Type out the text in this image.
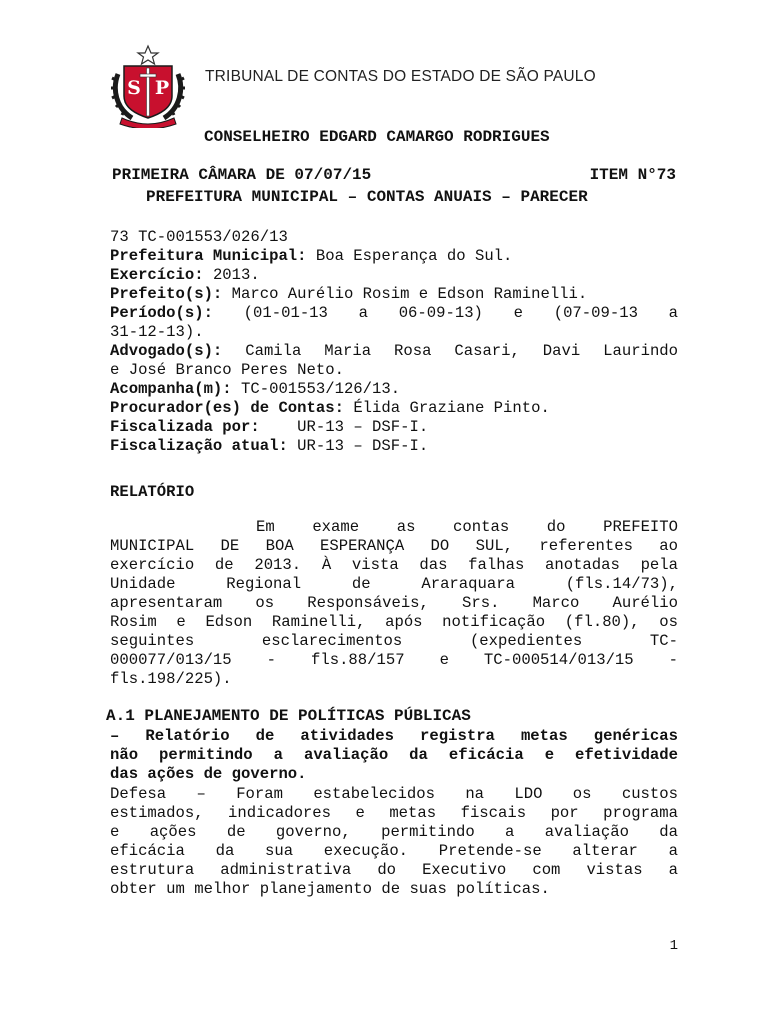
S P
TRIBUNAL DE CONTAS DO ESTADO DE SÃO PAULO
CONSELHEIRO EDGARD CAMARGO RODRIGUES
PRIMEIRA CÂMARA DE 07/07/15	ITEM N°73
PREFEITURA MUNICIPAL – CONTAS ANUAIS – PARECER
73 TC-001553/026/13
Prefeitura Municipal: Boa Esperança do Sul.
Exercício: 2013.
Prefeito(s): Marco Aurélio Rosim e Edson Raminelli.
Período(s): (01-01-13 a 06-09-13) e (07-09-13 a
31-12-13).
Advogado(s): Camila Maria Rosa Casari, Davi Laurindo
e José Branco Peres Neto.
Acompanha(m): TC-001553/126/13.
Procurador(es) de Contas: Élida Graziane Pinto.
Fiscalizada por: UR-13 – DSF-I.
Fiscalização atual: UR-13 – DSF-I.
RELATÓRIO
Em exame as contas do PREFEITO
MUNICIPAL DE BOA ESPERANÇA DO SUL, referentes ao
exercício de 2013. À vista das falhas anotadas pela
Unidade Regional de Araraquara (fls.14/73),
apresentaram os Responsáveis, Srs. Marco Aurélio
Rosim e Edson Raminelli, após notificação (fl.80), os
seguintes esclarecimentos (expedientes TC-
000077/013/15 - fls.88/157 e TC-000514/013/15 -
fls.198/225).
A.1 PLANEJAMENTO DE POLÍTICAS PÚBLICAS
– Relatório de atividades registra metas genéricas
não permitindo a avaliação da eficácia e efetividade
das ações de governo.
Defesa – Foram estabelecidos na LDO os custos
estimados, indicadores e metas fiscais por programa
e ações de governo, permitindo a avaliação da
eficácia da sua execução. Pretende-se alterar a
estrutura administrativa do Executivo com vistas a
obter um melhor planejamento de suas políticas.
1
